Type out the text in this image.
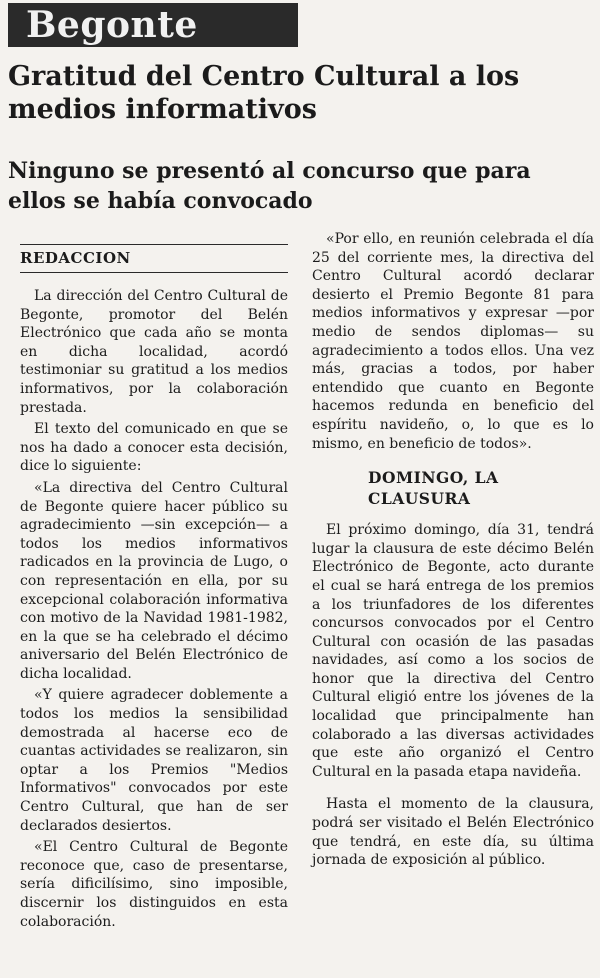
Begonte
Gratitud del Centro Cultural a los medios informativos
Ninguno se presentó al concurso que para ellos se había convocado
REDACCION

La dirección del Centro Cultural de Begonte, promotor del Belén Electrónico que cada año se monta en dicha localidad, acordó testimoniar su gratitud a los medios informativos, por la colaboración prestada.

El texto del comunicado en que se nos ha dado a conocer esta decisión, dice lo siguiente:

«La directiva del Centro Cultural de Begonte quiere hacer público su agradecimiento —sin excepción— a todos los medios informativos radicados en la provincia de Lugo, o con representación en ella, por su excepcional colaboración informativa con motivo de la Navidad 1981-1982, en la que se ha celebrado el décimo aniversario del Belén Electrónico de dicha localidad.

«Y quiere agradecer doblemente a todos los medios la sensibilidad demostrada al hacerse eco de cuantas actividades se realizaron, sin optar a los Premios "Medios Informativos" convocados por este Centro Cultural, que han de ser declarados desiertos.

«El Centro Cultural de Begonte reconoce que, caso de presentarse, sería dificilísimo, sino imposible, discernir los distinguidos en esta colaboración.

«Por ello, en reunión celebrada el día 25 del corriente mes, la directiva del Centro Cultural acordó declarar desierto el Premio Begonte 81 para medios informativos y expresar —por medio de sendos diplomas— su agradecimiento a todos ellos. Una vez más, gracias a todos, por haber entendido que cuanto en Begonte hacemos redunda en beneficio del espíritu navideño, o, lo que es lo mismo, en beneficio de todos».

DOMINGO, LA CLAUSURA

El próximo domingo, día 31, tendrá lugar la clausura de este décimo Belén Electrónico de Begonte, acto durante el cual se hará entrega de los premios a los triunfadores de los diferentes concursos convocados por el Centro Cultural con ocasión de las pasadas navidades, así como a los socios de honor que la directiva del Centro Cultural eligió entre los jóvenes de la localidad que principalmente han colaborado a las diversas actividades que este año organizó el Centro Cultural en la pasada etapa navideña.

Hasta el momento de la clausura, podrá ser visitado el Belén Electrónico que tendrá, en este día, su última jornada de exposición al público.
